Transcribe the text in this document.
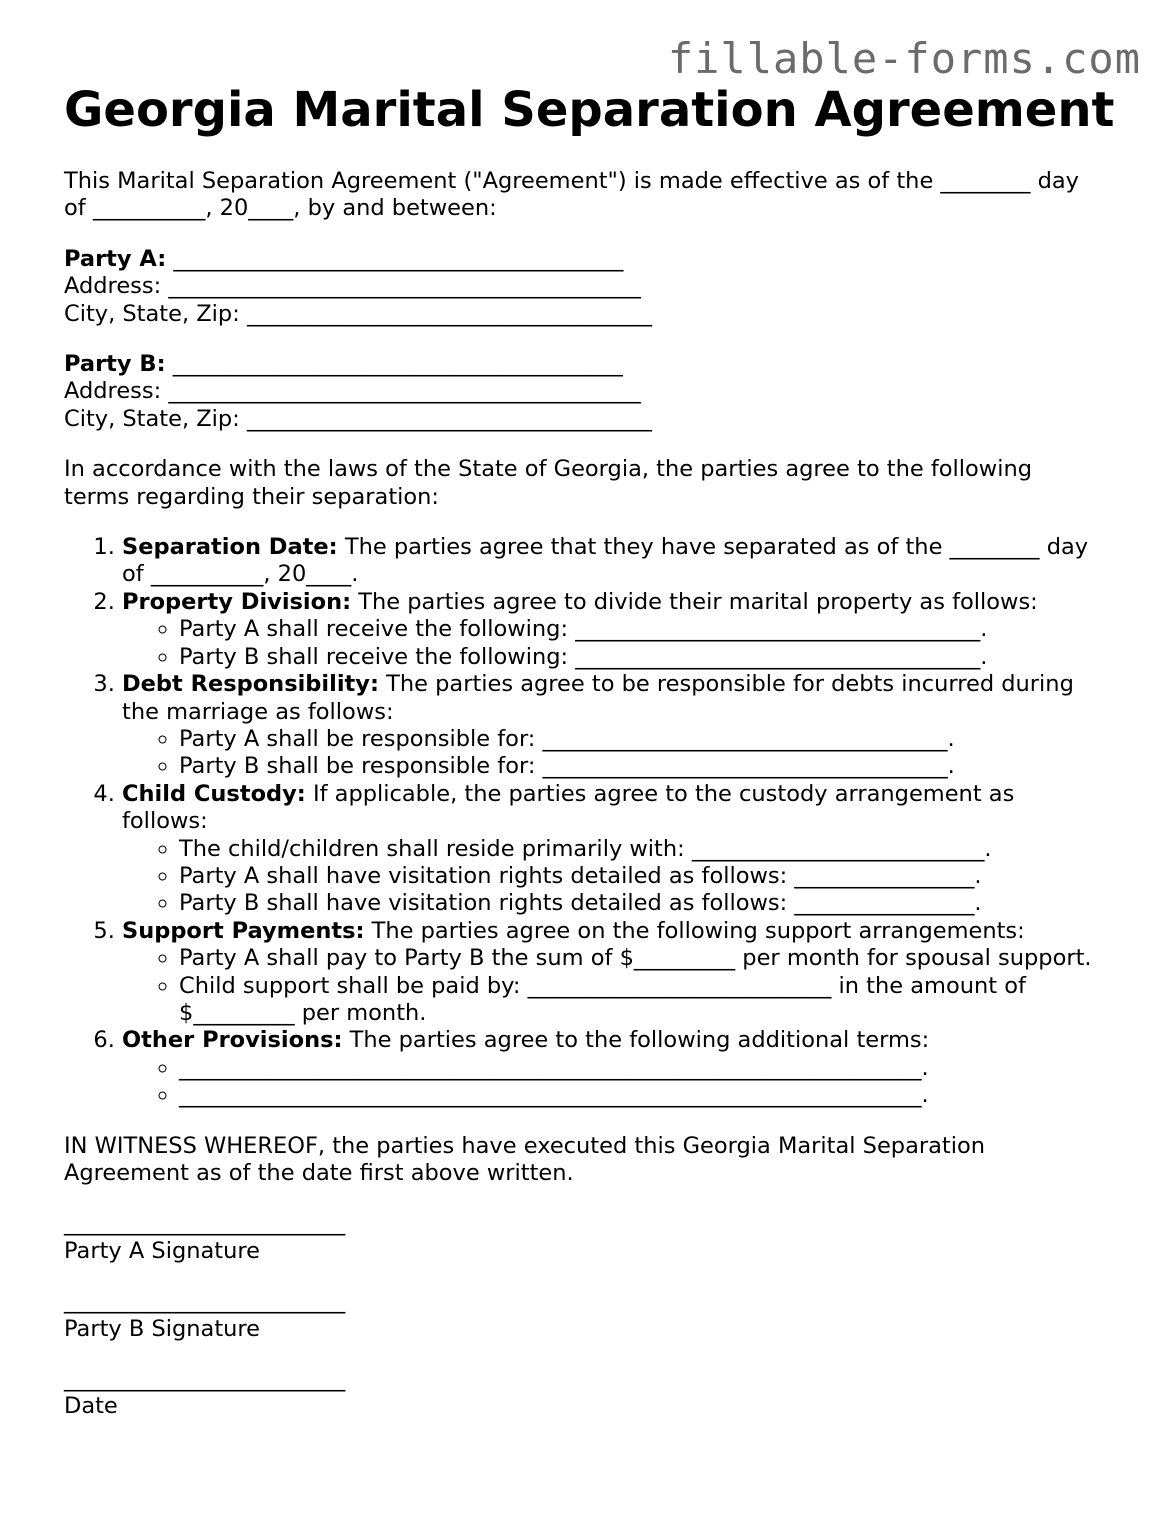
fillable-forms.com
Georgia Marital Separation Agreement

This Marital Separation Agreement ("Agreement") is made effective as of the ________ day

of __________, 20____, by and between:

Party A: ________________________________________

Address: __________________________________________

City, State, Zip: ____________________________________

Party B: ________________________________________

Address: __________________________________________

City, State, Zip: ____________________________________

In accordance with the laws of the State of Georgia, the parties agree to the following

terms regarding their separation:

1. Separation Date: The parties agree that they have separated as of the ________ day
of __________, 20____.
2. Property Division: The parties agree to divide their marital property as follows:
◦ Party A shall receive the following: ____________________________________.
◦ Party B shall receive the following: ____________________________________.
3. Debt Responsibility: The parties agree to be responsible for debts incurred during
the marriage as follows:
◦ Party A shall be responsible for: ____________________________________.
◦ Party B shall be responsible for: ____________________________________.
4. Child Custody: If applicable, the parties agree to the custody arrangement as
follows:
◦ The child/children shall reside primarily with: __________________________.
◦ Party A shall have visitation rights detailed as follows: ________________.
◦ Party B shall have visitation rights detailed as follows: ________________.
5. Support Payments: The parties agree on the following support arrangements:
◦ Party A shall pay to Party B the sum of $_________ per month for spousal support.
◦ Child support shall be paid by: ___________________________ in the amount of
$_________ per month.
6. Other Provisions: The parties agree to the following additional terms:
◦ __________________________________________________________________.
◦ __________________________________________________________________.

IN WITNESS WHEREOF, the parties have executed this Georgia Marital Separation

Agreement as of the date first above written.

_________________________

Party A Signature

_________________________

Party B Signature

_________________________

Date
